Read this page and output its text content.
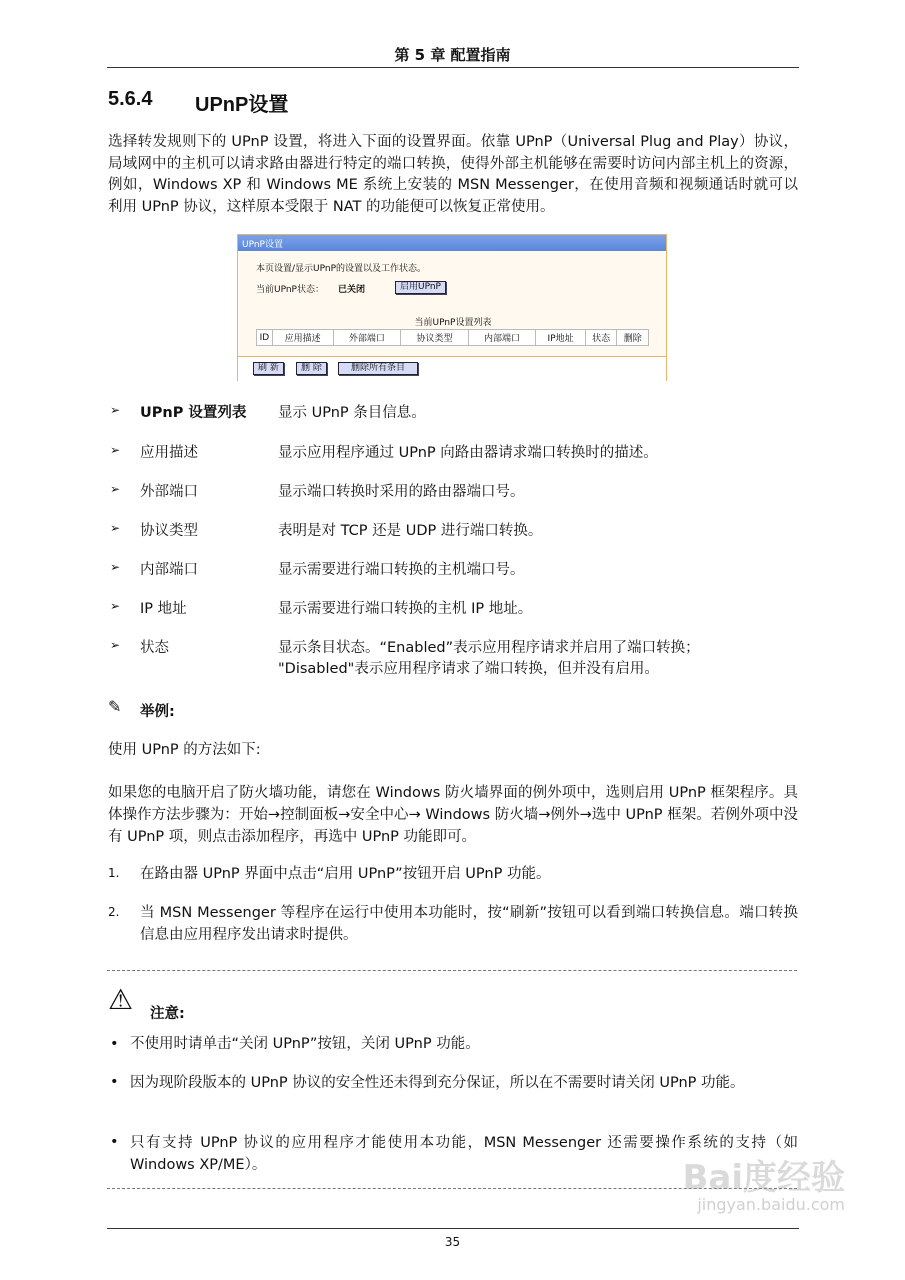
第 5 章 配置指南
5.6.4 UPnP设置
选择转发规则下的 UPnP 设置，将进入下面的设置界面。依靠 UPnP（Universal Plug and Play）协议，局域网中的主机可以请求路由器进行特定的端口转换，使得外部主机能够在需要时访问内部主机上的资源，例如，Windows XP 和 Windows ME 系统上安装的 MSN Messenger，在使用音频和视频通话时就可以利用 UPnP 协议，这样原本受限于 NAT 的功能便可以恢复正常使用。
UPnP设置
本页设置/显示UPnP的设置以及工作状态。
当前UPnP状态： 已关闭	启用UPnP
当前UPnP设置列表
ID	应用描述	外部端口	协议类型	内部端口	IP地址	状态	删除
刷 新	删 除	删除所有条目
➢ UPnP 设置列表 显示 UPnP 条目信息。
➢ 应用描述	显示应用程序通过 UPnP 向路由器请求端口转换时的描述。
➢ 外部端口	显示端口转换时采用的路由器端口号。
➢ 协议类型	表明是对 TCP 还是 UDP 进行端口转换。
➢ 内部端口	显示需要进行端口转换的主机端口号。
➢ IP 地址	显示需要进行端口转换的主机 IP 地址。
➢ 状态	显示条目状态。“Enabled”表示应用程序请求并启用了端口转换；
"Disabled"表示应用程序请求了端口转换，但并没有启用。
✎ 举例:
使用 UPnP 的方法如下:
如果您的电脑开启了防火墙功能，请您在 Windows 防火墙界面的例外项中，选则启用 UPnP 框架程序。具体操作方法步骤为：开始→控制面板→安全中心→ Windows 防火墙→例外→选中 UPnP 框架。若例外项中没有 UPnP 项，则点击添加程序，再选中 UPnP 功能即可。
1. 在路由器 UPnP 界面中点击“启用 UPnP”按钮开启 UPnP 功能。
2. 当 MSN Messenger 等程序在运行中使用本功能时，按“刷新”按钮可以看到端口转换信息。端口转换信息由应用程序发出请求时提供。
⚠ 注意:
• 不使用时请单击“关闭 UPnP”按钮，关闭 UPnP 功能。
• 因为现阶段版本的 UPnP 协议的安全性还未得到充分保证，所以在不需要时请关闭 UPnP 功能。
• 只有支持 UPnP 协议的应用程序才能使用本功能，MSN Messenger 还需要操作系统的支持（如 Windows XP/ME）。	Bai度经验
jingyan.baidu.com
35
